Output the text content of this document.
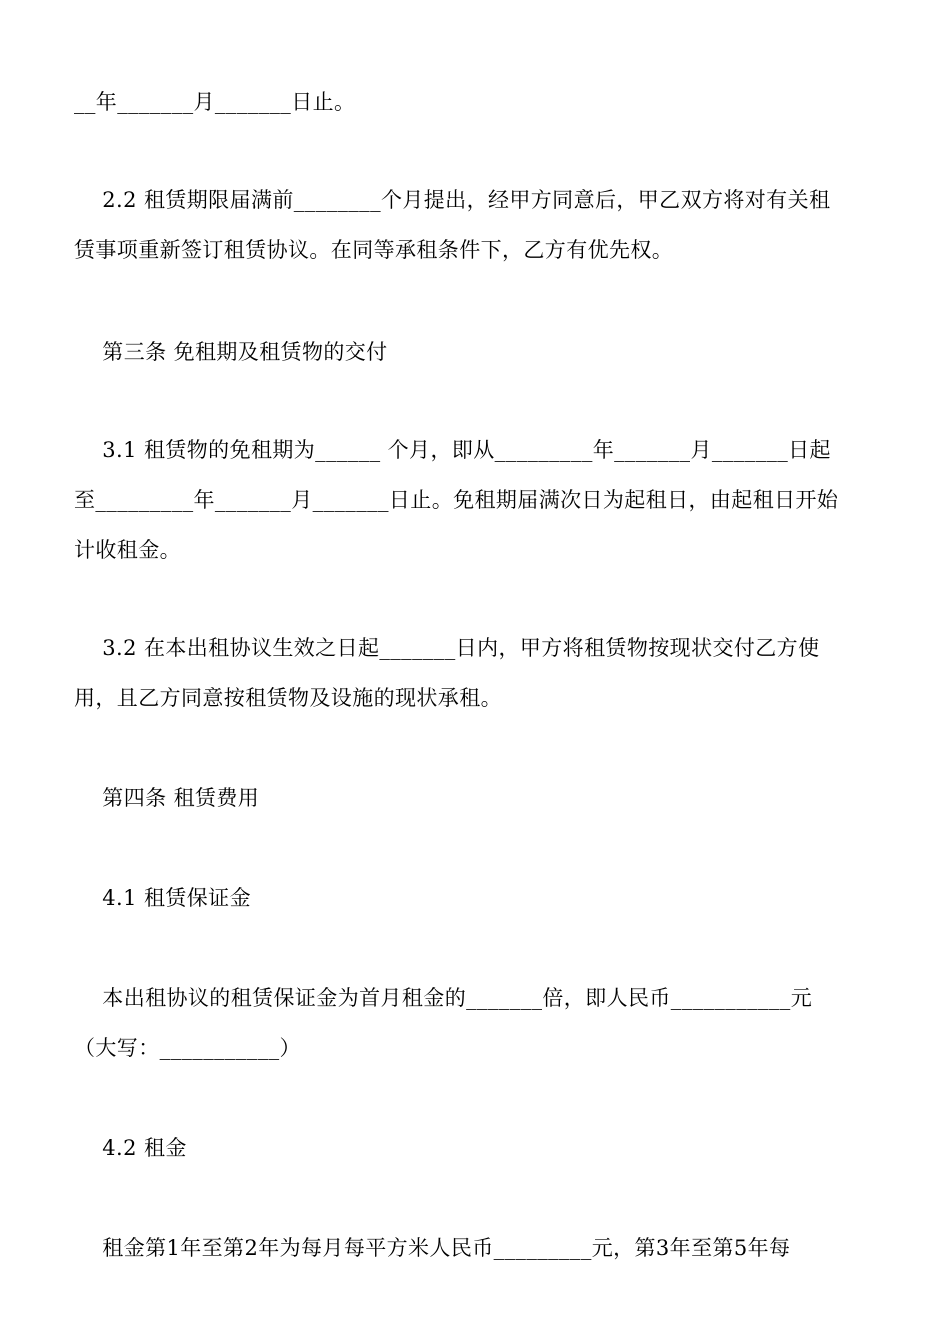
__年_______月_______日止。
2.2 租赁期限届满前________个月提出，经甲方同意后，甲乙双方将对有关租
赁事项重新签订租赁协议。在同等承租条件下，乙方有优先权。
第三条 免租期及租赁物的交付
3.1 租赁物的免租期为______ 个月，即从_________年_______月_______日起
至_________年_______月_______日止。免租期届满次日为起租日，由起租日开始
计收租金。
3.2 在本出租协议生效之日起_______日内，甲方将租赁物按现状交付乙方使
用，且乙方同意按租赁物及设施的现状承租。
第四条 租赁费用
4.1 租赁保证金
本出租协议的租赁保证金为首月租金的_______倍，即人民币___________元
（大写：___________）
4.2 租金
租金第1年至第2年为每月每平方米人民币_________元，第3年至第5年每
